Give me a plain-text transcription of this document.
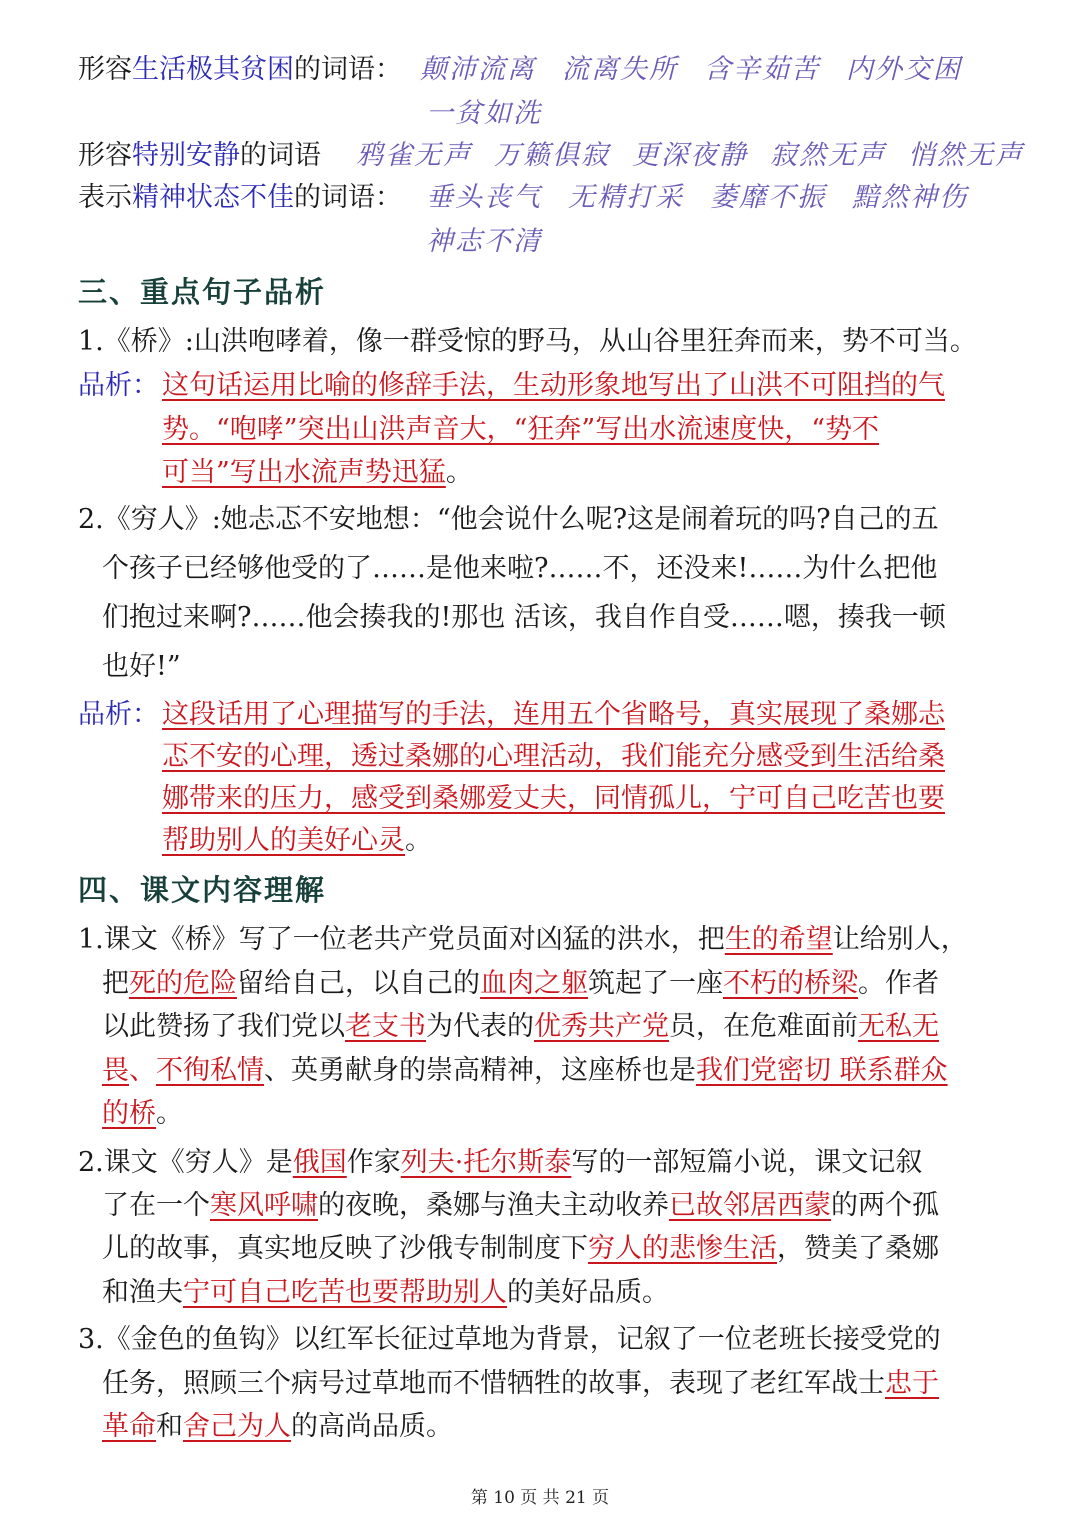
形容生活极其贫困的词语： 颠沛流离 流离失所 含辛茹苦 内外交困
一贫如洗
形容特别安静的词语 鸦雀无声 万籁俱寂 更深夜静 寂然无声 悄然无声
表示精神状态不佳的词语： 垂头丧气 无精打采 萎靡不振 黯然神伤
神志不清
三、重点句子品析
1.《桥》:山洪咆哮着，像一群受惊的野马，从山谷里狂奔而来，势不可当。
品析： 这句话运用比喻的修辞手法，生动形象地写出了山洪不可阻挡的气
势。“咆哮”突出山洪声音大，“狂奔”写出水流速度快，“势不
可当”写出水流声势迅猛。
2.《穷人》:她忐忑不安地想：“他会说什么呢?这是闹着玩的吗?自己的五
个孩子已经够他受的了……是他来啦?……不，还没来!……为什么把他
们抱过来啊?……他会揍我的!那也 活该，我自作自受……嗯，揍我一顿
也好!”
品析： 这段话用了心理描写的手法，连用五个省略号，真实展现了桑娜忐
忑不安的心理，透过桑娜的心理活动，我们能充分感受到生活给桑
娜带来的压力，感受到桑娜爱丈夫，同情孤儿，宁可自己吃苦也要
帮助别人的美好心灵。
四、课文内容理解
1.课文《桥》写了一位老共产党员面对凶猛的洪水，把生的希望让给别人，
把死的危险留给自己，以自己的血肉之躯筑起了一座不朽的桥梁。作者
以此赞扬了我们党以老支书为代表的优秀共产党员，在危难面前无私无
畏、不徇私情、英勇献身的崇高精神，这座桥也是我们党密切 联系群众
的桥。
2.课文《穷人》是俄国作家列夫·托尔斯泰写的一部短篇小说，课文记叙
了在一个寒风呼啸的夜晚，桑娜与渔夫主动收养已故邻居西蒙的两个孤
儿的故事，真实地反映了沙俄专制制度下穷人的悲惨生活，赞美了桑娜
和渔夫宁可自己吃苦也要帮助别人的美好品质。
3.《金色的鱼钩》以红军长征过草地为背景，记叙了一位老班长接受党的
任务，照顾三个病号过草地而不惜牺牲的故事，表现了老红军战士忠于
革命和舍己为人的高尚品质。
第 10 页 共 21 页
